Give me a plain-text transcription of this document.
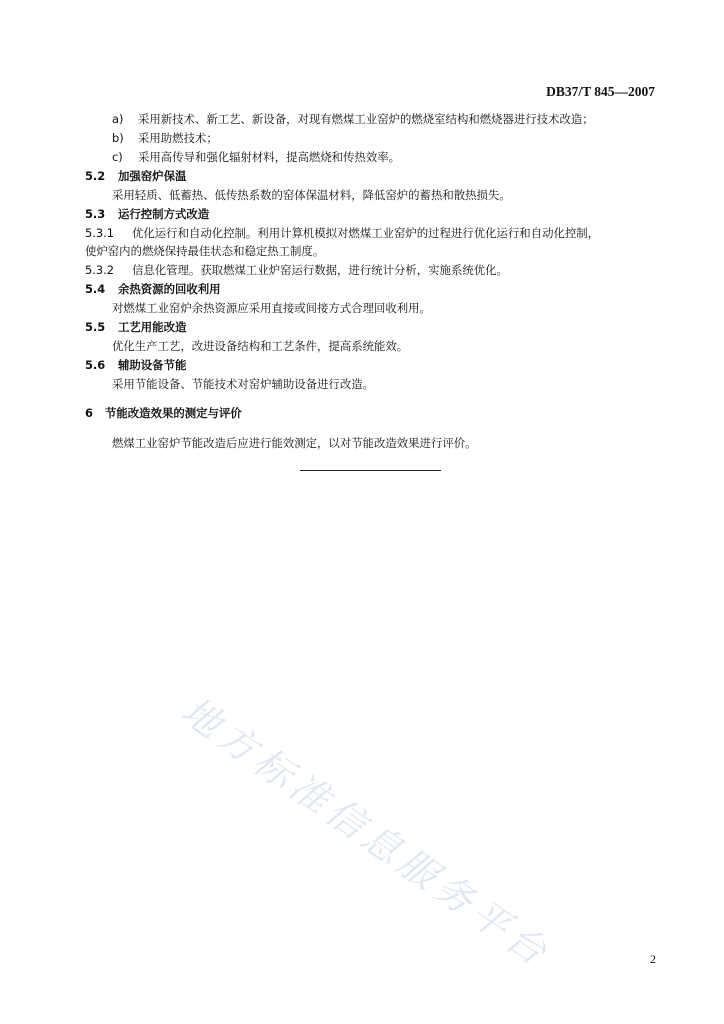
DB37/T 845—2007
a) 采用新技术、新工艺、新设备，对现有燃煤工业窑炉的燃烧室结构和燃烧器进行技术改造；
b) 采用助燃技术；
c) 采用高传导和强化辐射材料，提高燃烧和传热效率。
5.2 加强窑炉保温
采用轻质、低蓄热、低传热系数的窑体保温材料，降低窑炉的蓄热和散热损失。
5.3 运行控制方式改造
5.3.1 优化运行和自动化控制。利用计算机模拟对燃煤工业窑炉的过程进行优化运行和自动化控制，
使炉窑内的燃烧保持最佳状态和稳定热工制度。
5.3.2 信息化管理。获取燃煤工业炉窑运行数据，进行统计分析，实施系统优化。
5.4 余热资源的回收利用
对燃煤工业窑炉余热资源应采用直接或间接方式合理回收利用。
5.5 工艺用能改造
优化生产工艺，改进设备结构和工艺条件，提高系统能效。
5.6 辅助设备节能
采用节能设备、节能技术对窑炉辅助设备进行改造。
6 节能改造效果的测定与评价
燃煤工业窑炉节能改造后应进行能效测定，以对节能改造效果进行评价。
地方标准信息服务平台	2
